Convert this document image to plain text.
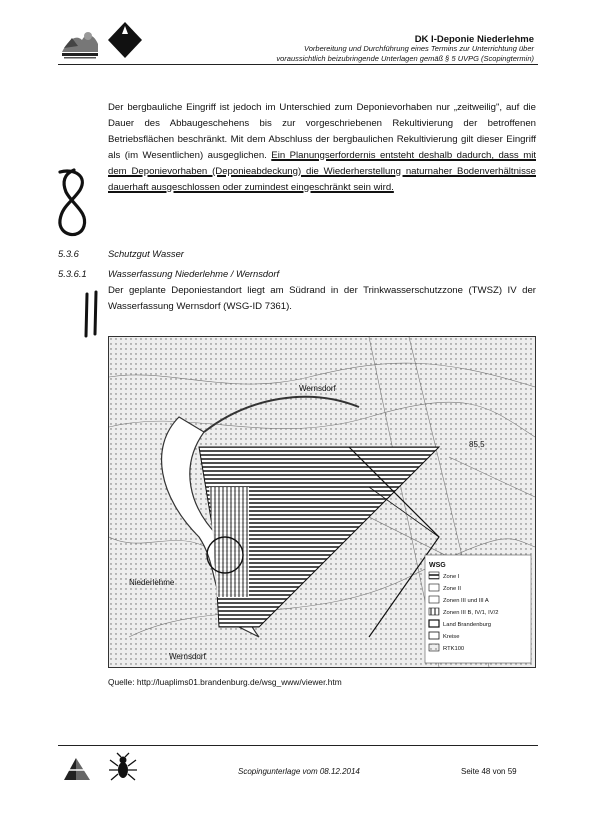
DK I-Deponie Niederlehme
Vorbereitung und Durchführung eines Termins zur Unterrichtung über
voraussichtlich beizubringende Unterlagen gemäß § 5 UVPG (Scopingtermin)
Der bergbauliche Eingriff ist jedoch im Unterschied zum Deponievorhaben nur „zeitweilig", auf die Dauer des Abbaugeschehens bis zur vorgeschriebenen Rekultivierung der betroffenen Betriebsflächen beschränkt. Mit dem Abschluss der bergbaulichen Rekultivierung gilt dieser Eingriff als (im Wesentlichen) ausgeglichen. Ein Planungserfordernis entsteht deshalb dadurch, dass mit dem Deponievorhaben (Deponieabdeckung) die Wiederherstellung naturnaher Bodenverhältnisse dauerhaft ausgeschlossen oder zumindest eingeschränkt sein wird.
5.3.6	Schutzgut Wasser
5.3.6.1 Wasserfassung Niederlehme / Wernsdorf
Der geplante Deponiestandort liegt am Südrand in der Trinkwasserschutzzone (TWSZ) IV der Wasserfassung Wernsdorf (WSG-ID 7361).
Wernsdorf
Niederlehme
Wernsdorf
85,5
WSG
Zone I
Zone II
Zonen III und III A
Zonen III B, IV/1, IV/2
Land Brandenburg
Kreise
RTK100
Quelle: http://luaplims01.brandenburg.de/wsg_www/viewer.htm
Scopingunterlage vom 08.12.2014	Seite 48 von 59
